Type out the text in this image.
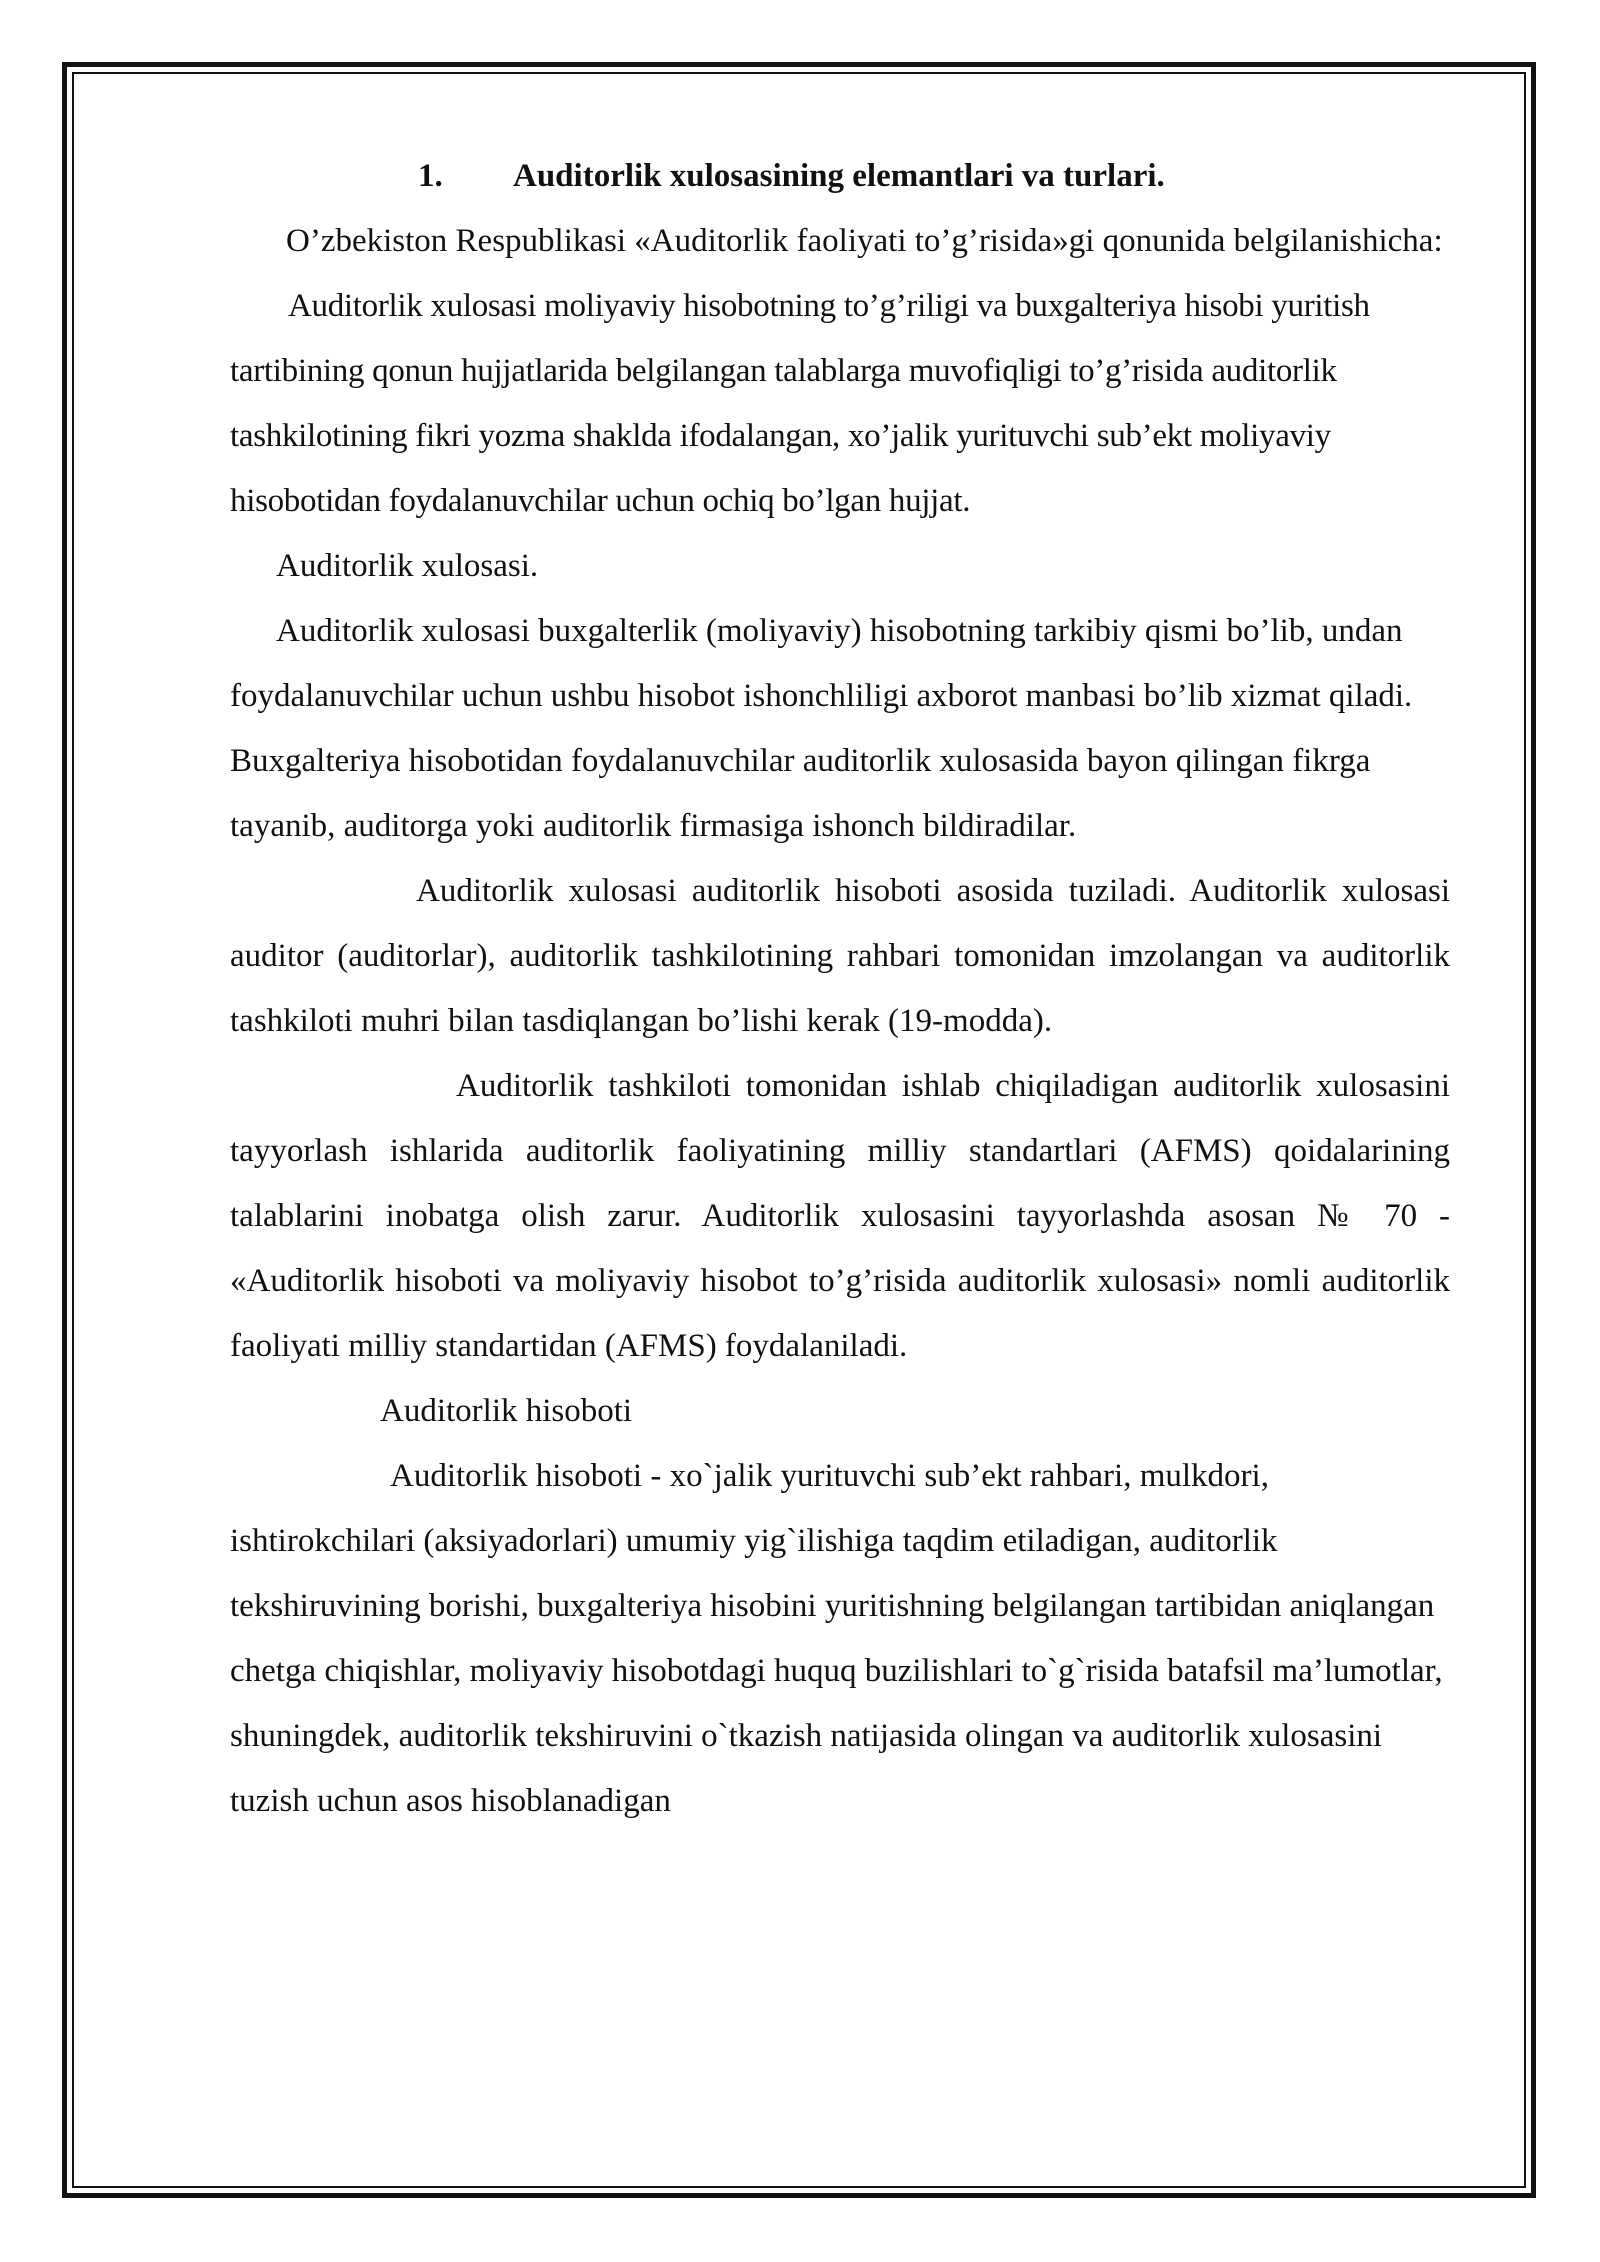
1. Auditorlik xulosasining elemantlari va turlari.

O’zbekiston Respublikasi «Auditorlik faoliyati to’g’risida»gi qonunida belgilanishicha:

Auditorlik xulosasi moliyaviy hisobotning to’g’riligi va buxgalteriya hisobi yuritish tartibining qonun hujjatlarida belgilangan talablarga muvofiqligi to’g’risida auditorlik tashkilotining fikri yozma shaklda ifodalangan, xo’jalik yurituvchi sub’ekt moliyaviy hisobotidan foydalanuvchilar uchun ochiq bo’lgan hujjat.

Auditorlik xulosasi.

Auditorlik xulosasi buxgalterlik (moliyaviy) hisobotning tarkibiy qismi bo’lib, undan foydalanuvchilar uchun ushbu hisobot ishonchliligi axborot manbasi bo’lib xizmat qiladi. Buxgalteriya hisobotidan foydalanuvchilar auditorlik xulosasida bayon qilingan fikrga tayanib, auditorga yoki auditorlik firmasiga ishonch bildiradilar.

Auditorlik xulosasi auditorlik hisoboti asosida tuziladi. Auditorlik xulosasi auditor (auditorlar), auditorlik tashkilotining rahbari tomonidan imzolangan va auditorlik tashkiloti muhri bilan tasdiqlangan bo’lishi kerak (19-modda).

Auditorlik tashkiloti tomonidan ishlab chiqiladigan auditorlik xulosasini tayyorlash ishlarida auditorlik faoliyatining milliy standartlari (AFMS) qoidalarining talablarini inobatga olish zarur. Auditorlik xulosasini tayyorlashda asosan № 70 - «Auditorlik hisoboti va moliyaviy hisobot to’g’risida auditorlik xulosasi» nomli auditorlik faoliyati milliy standartidan (AFMS) foydalaniladi.

Auditorlik hisoboti

Auditorlik hisoboti - xo`jalik yurituvchi sub’ekt rahbari, mulkdori, ishtirokchilari (aksiyadorlari) umumiy yig`ilishiga taqdim etiladigan, auditorlik tekshiruvining borishi, buxgalteriya hisobini yuritishning belgilangan tartibidan aniqlangan chetga chiqishlar, moliyaviy hisobotdagi huquq buzilishlari to`g`risida batafsil ma’lumotlar, shuningdek, auditorlik tekshiruvini o`tkazish natijasida olingan va auditorlik xulosasini tuzish uchun asos hisoblanadigan
